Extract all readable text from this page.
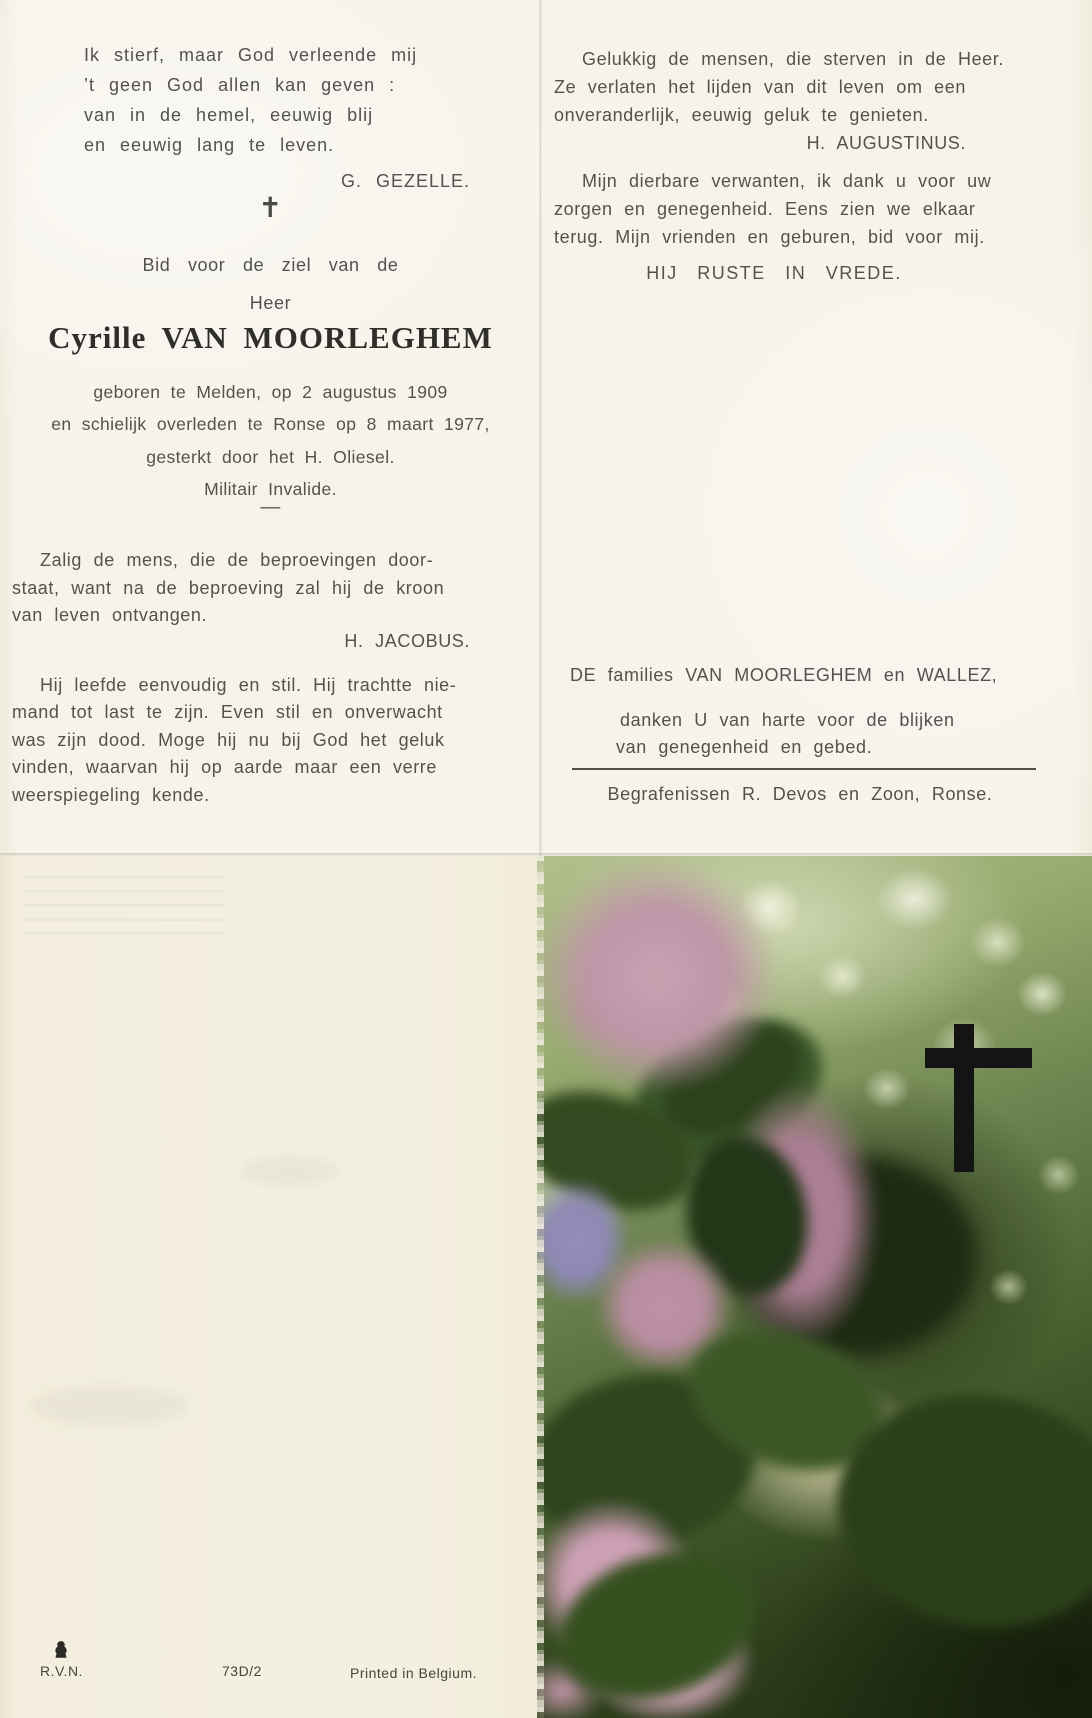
Ik stierf, maar God verleende mij
’t geen God allen kan geven :
van in de hemel, eeuwig blij
en eeuwig lang te leven.
G. GEZELLE.
✝
Bid voor de ziel van de
Heer
Cyrille VAN MOORLEGHEM
geboren te Melden, op 2 augustus 1909
en schielijk overleden te Ronse op 8 maart 1977,
gesterkt door het H. Oliesel.
Militair Invalide.
—
Zalig de mens, die de beproevingen door-
staat, want na de beproeving zal hij de kroon
van leven ontvangen.
H. JACOBUS.
Hij leefde eenvoudig en stil. Hij trachtte nie-
mand tot last te zijn. Even stil en onverwacht
was zijn dood. Moge hij nu bij God het geluk
vinden, waarvan hij op aarde maar een verre
weerspiegeling kende.
Gelukkig de mensen, die sterven in de Heer.
Ze verlaten het lijden van dit leven om een
onveranderlijk, eeuwig geluk te genieten.
H. AUGUSTINUS.
Mijn dierbare verwanten, ik dank u voor uw
zorgen en genegenheid. Eens zien we elkaar
terug. Mijn vrienden en geburen, bid voor mij.
HIJ RUSTE IN VREDE.
DE families VAN MOORLEGHEM en WALLEZ,
danken U van harte voor de blijken
van genegenheid en gebed.
Begrafenissen R. Devos en Zoon, Ronse.
R.V.N.	73D/2	Printed in Belgium.
